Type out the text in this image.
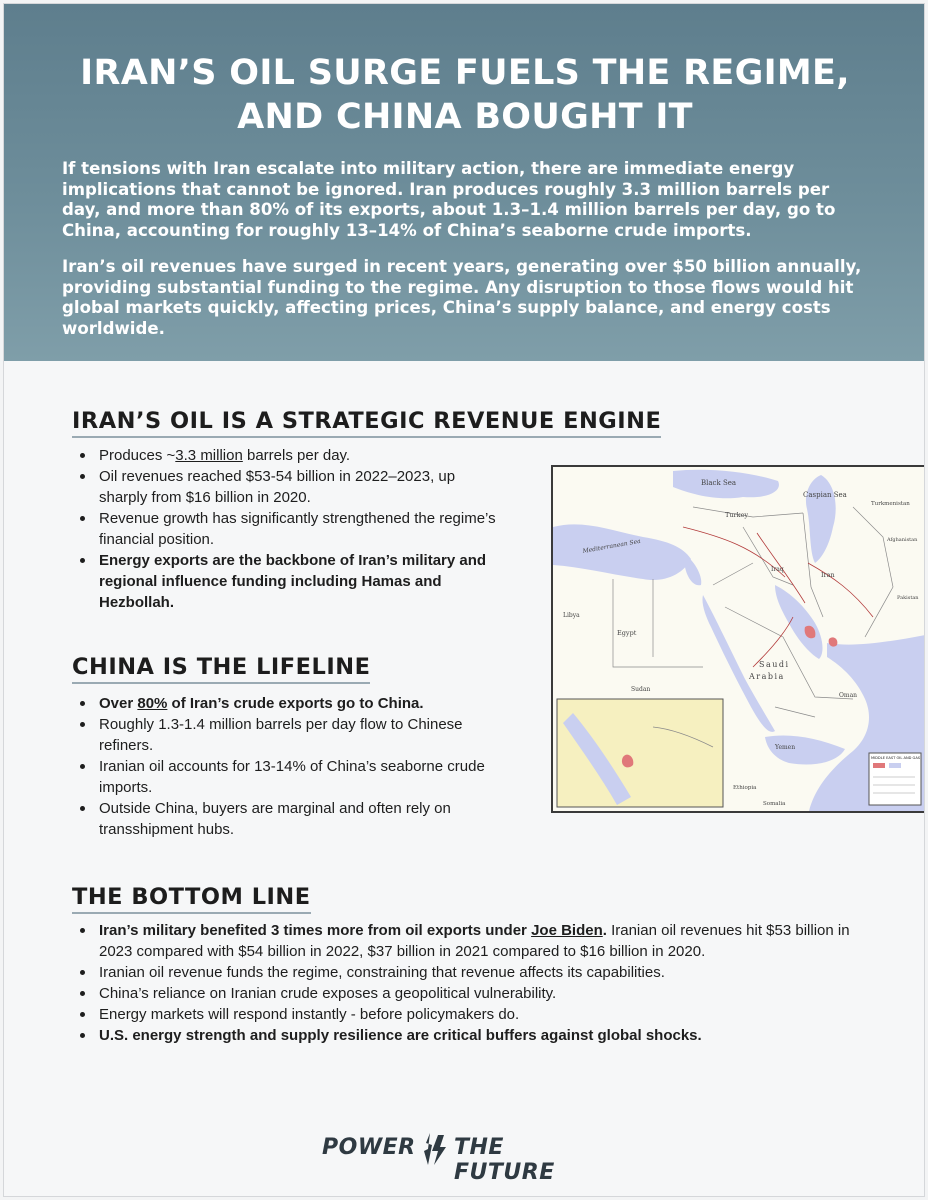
IRAN’S OIL SURGE FUELS THE REGIME,
AND CHINA BOUGHT IT

If tensions with Iran escalate into military action, there are immediate energy implications that cannot be ignored. Iran produces roughly 3.3 million barrels per day, and more than 80% of its exports, about 1.3–1.4 million barrels per day, go to China, accounting for roughly 13–14% of China’s seaborne crude imports.

Iran’s oil revenues have surged in recent years, generating over $50 billion annually, providing substantial funding to the regime. Any disruption to those flows would hit global markets quickly, affecting prices, China’s supply balance, and energy costs worldwide.

IRAN’S OIL IS A STRATEGIC REVENUE ENGINE
Produces ~3.3 million barrels per day.
Oil revenues reached $53-54 billion in 2022–2023, up sharply from $16 billion in 2020.
Revenue growth has significantly strengthened the regime’s financial position.
Energy exports are the backbone of Iran’s military and regional influence funding including Hamas and Hezbollah.
Black Sea
Caspian Sea
Turkey
Mediterranean Sea
Iran
Iraq
Turkmenistan
Afghanistan
Pakistan
Libya
Egypt
Saudi
Arabia
Sudan
Yemen
Oman
Ethiopia
Somalia
MIDDLE EAST OIL AND GAS
CHINA IS THE LIFELINE
Over 80% of Iran’s crude exports go to China.
Roughly 1.3-1.4 million barrels per day flow to Chinese refiners.
Iranian oil accounts for 13-14% of China’s seaborne crude imports.
Outside China, buyers are marginal and often rely on transshipment hubs.
THE BOTTOM LINE
Iran’s military benefited 3 times more from oil exports under Joe Biden. Iranian oil revenues hit $53 billion in 2023 compared with $54 billion in 2022, $37 billion in 2021 compared to $16 billion in 2020.
Iranian oil revenue funds the regime, constraining that revenue affects its capabilities.
China’s reliance on Iranian crude exposes a geopolitical vulnerability.
Energy markets will respond instantly - before policymakers do.
U.S. energy strength and supply resilience are critical buffers against global shocks.
POWER THE FUTURE
